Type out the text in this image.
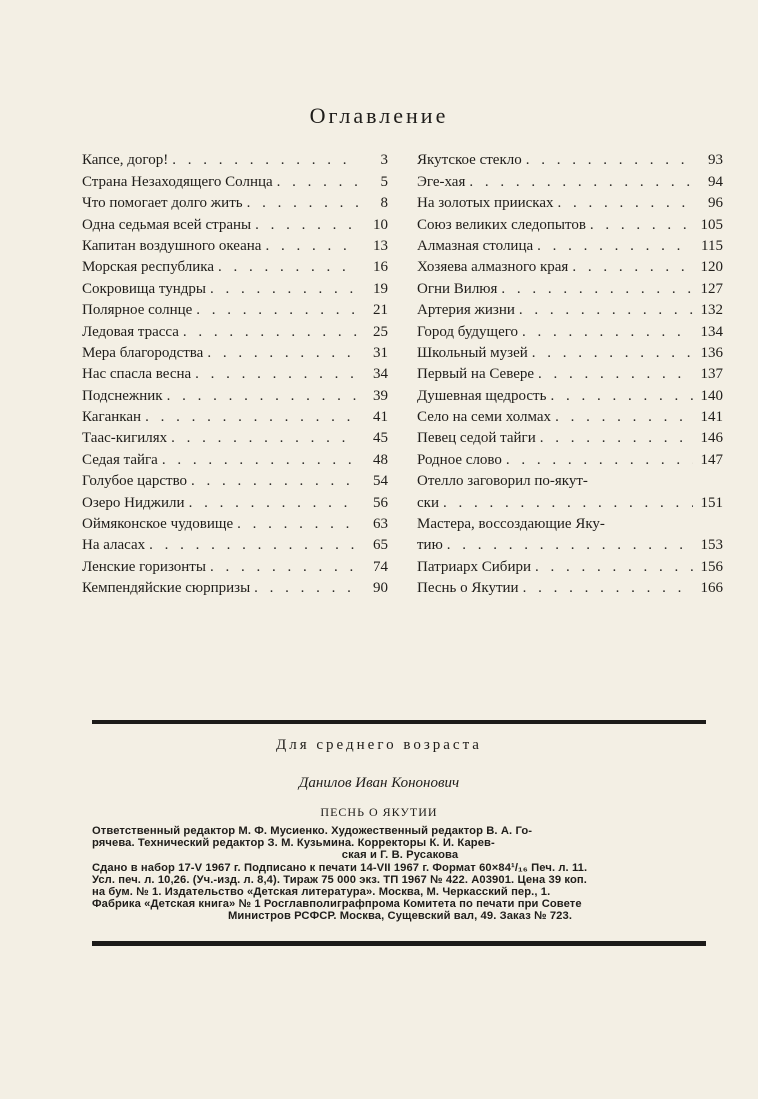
Оглавление
Капсе, догор! . . .	3
Страна Незаходящего Солнца . . .	5
Что помогает долго жить . . .	8
Одна седьмая всей страны . . .	10
Капитан воздушного океана . . .	13
Морская республика . . .	16
Сокровища тундры . . .	19
Полярное солнце . . .	21
Ледовая трасса . . .	25
Мера благородства . . .	31
Нас спасла весна . . .	34
Подснежник . . .	39
Каганкан . . .	41
Таас-кигилях . . .	45
Седая тайга . . .	48
Голубое царство . . .	54
Озеро Ниджили . . .	56
Оймяконское чудовище . . .	63
На аласах . . .	65
Ленские горизонты . . .	74
Кемпендяйские сюрпризы . . .	90
Якутское стекло . . .	93
Эге-хая . . .	94
На золотых приисках . . .	96
Союз великих следопытов . . .	105
Алмазная столица . . .	115
Хозяева алмазного края . . .	120
Огни Вилюя . . .	127
Артерия жизни . . .	132
Город будущего . . .	134
Школьный музей . . .	136
Первый на Севере . . .	137
Душевная щедрость . . .	140
Село на семи холмах . . .	141
Певец седой тайги . . .	146
Родное слово . . .	147
Отелло заговорил по-якут-
ски . . .	151
Мастера, воссоздающие Яку-
тию . . .	153
Патриарх Сибири . . .	156
Песнь о Якутии . . .	166
Для среднего возраста
Данилов Иван Кононович
ПЕСНЬ О ЯКУТИИ
Ответственный редактор М. Ф. Мусиенко. Художественный редактор В. А. Го-
рячева. Технический редактор З. М. Кузьмина. Корректоры К. И. Карев-
ская и Г. В. Русакова
Сдано в набор 17-V 1967 г. Подписано к печати 14-VII 1967 г. Формат 60×84¹/₁₆ Печ. л. 11.
Усл. печ. л. 10,26. (Уч.-изд. л. 8,4). Тираж 75 000 экз. ТП 1967 № 422. А03901. Цена 39 коп.
на бум. № 1. Издательство «Детская литература». Москва, М. Черкасский пер., 1.
Фабрика «Детская книга» № 1 Росглавполиграфпрома Комитета по печати при Совете
Министров РСФСР. Москва, Сущевский вал, 49. Заказ № 723.
